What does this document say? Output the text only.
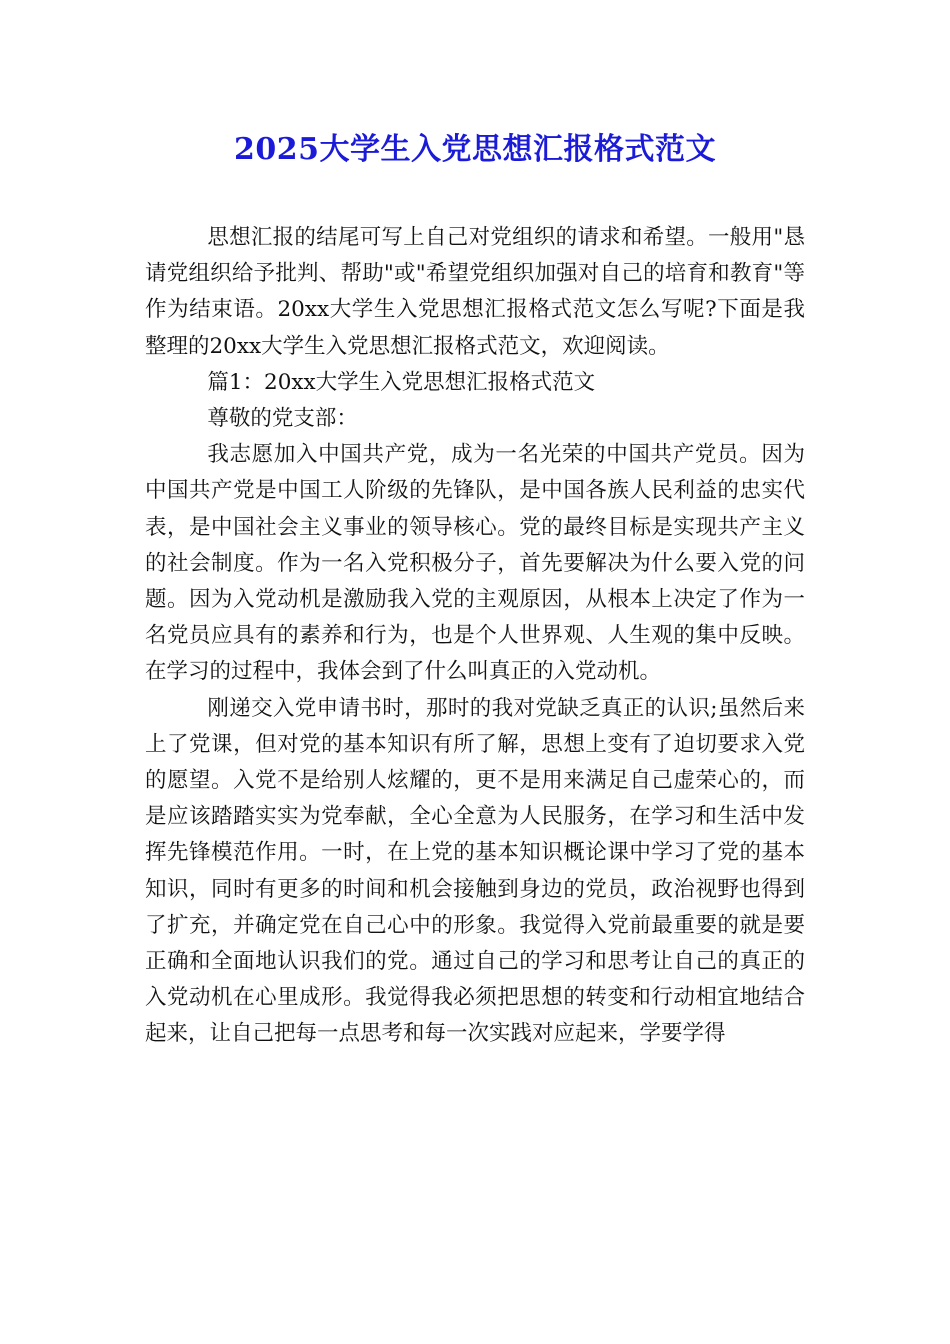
2025大学生入党思想汇报格式范文

思想汇报的结尾可写上自己对党组织的请求和希望。一般用"恳请党组织给予批判、帮助"或"希望党组织加强对自己的培育和教育"等作为结束语。20xx大学生入党思想汇报格式范文怎么写呢?下面是我整理的20xx大学生入党思想汇报格式范文，欢迎阅读。

篇1：20xx大学生入党思想汇报格式范文

尊敬的党支部：

我志愿加入中国共产党，成为一名光荣的中国共产党员。因为中国共产党是中国工人阶级的先锋队，是中国各族人民利益的忠实代表，是中国社会主义事业的领导核心。党的最终目标是实现共产主义的社会制度。作为一名入党积极分子，首先要解决为什么要入党的问题。因为入党动机是激励我入党的主观原因，从根本上决定了作为一名党员应具有的素养和行为，也是个人世界观、人生观的集中反映。在学习的过程中，我体会到了什么叫真正的入党动机。

刚递交入党申请书时，那时的我对党缺乏真正的认识;虽然后来上了党课，但对党的基本知识有所了解，思想上变有了迫切要求入党的愿望。入党不是给别人炫耀的，更不是用来满足自己虚荣心的，而是应该踏踏实实为党奉献，全心全意为人民服务，在学习和生活中发挥先锋模范作用。一时，在上党的基本知识概论课中学习了党的基本知识，同时有更多的时间和机会接触到身边的党员，政治视野也得到了扩充，并确定党在自己心中的形象。我觉得入党前最重要的就是要正确和全面地认识我们的党。通过自己的学习和思考让自己的真正的入党动机在心里成形。我觉得我必须把思想的转变和行动相宜地结合起来，让自己把每一点思考和每一次实践对应起来，学要学得
